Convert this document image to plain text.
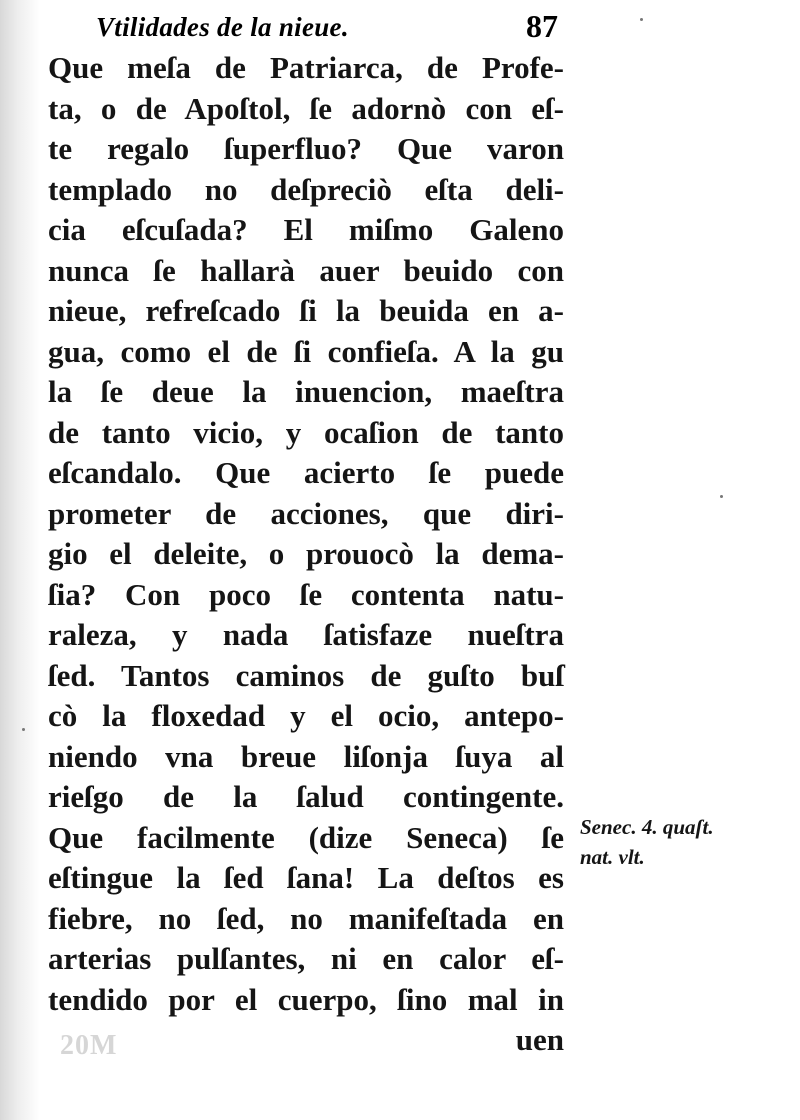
Vtilidades de la nieue.	87
Que meſa de Patriarca, de Profe-
ta, o de Apoſtol, ſe adornò con eſ-
te regalo ſuperfluo? Que varon
templado no deſpreciò eſta deli-
cia eſcuſada? El miſmo Galeno
nunca ſe hallarà auer beuido con
nieue, refreſcado ſi la beuida en a-
gua, como el de ſi confieſa. A la gu
la ſe deue la inuencion, maeſtra
de tanto vicio, y ocaſion de tanto
eſcandalo. Que acierto ſe puede
prometer de acciones, que diri-
gio el deleite, o prouocò la dema-
ſia? Con poco ſe contenta natu-
raleza, y nada ſatisfaze nueſtra
ſed. Tantos caminos de guſto buſ
cò la floxedad y el ocio, antepo-
niendo vna breue liſonja ſuya al
rieſgo de la ſalud contingente.
Que facilmente (dize Seneca) ſe
eſtingue la ſed ſana! La deſtos es
fiebre, no ſed, no manifeſtada en
arterias pulſantes, ni en calor eſ-
tendido por el cuerpo, ſino mal in
uen
Senec. 4. quaſt.
nat. vlt.
20M
